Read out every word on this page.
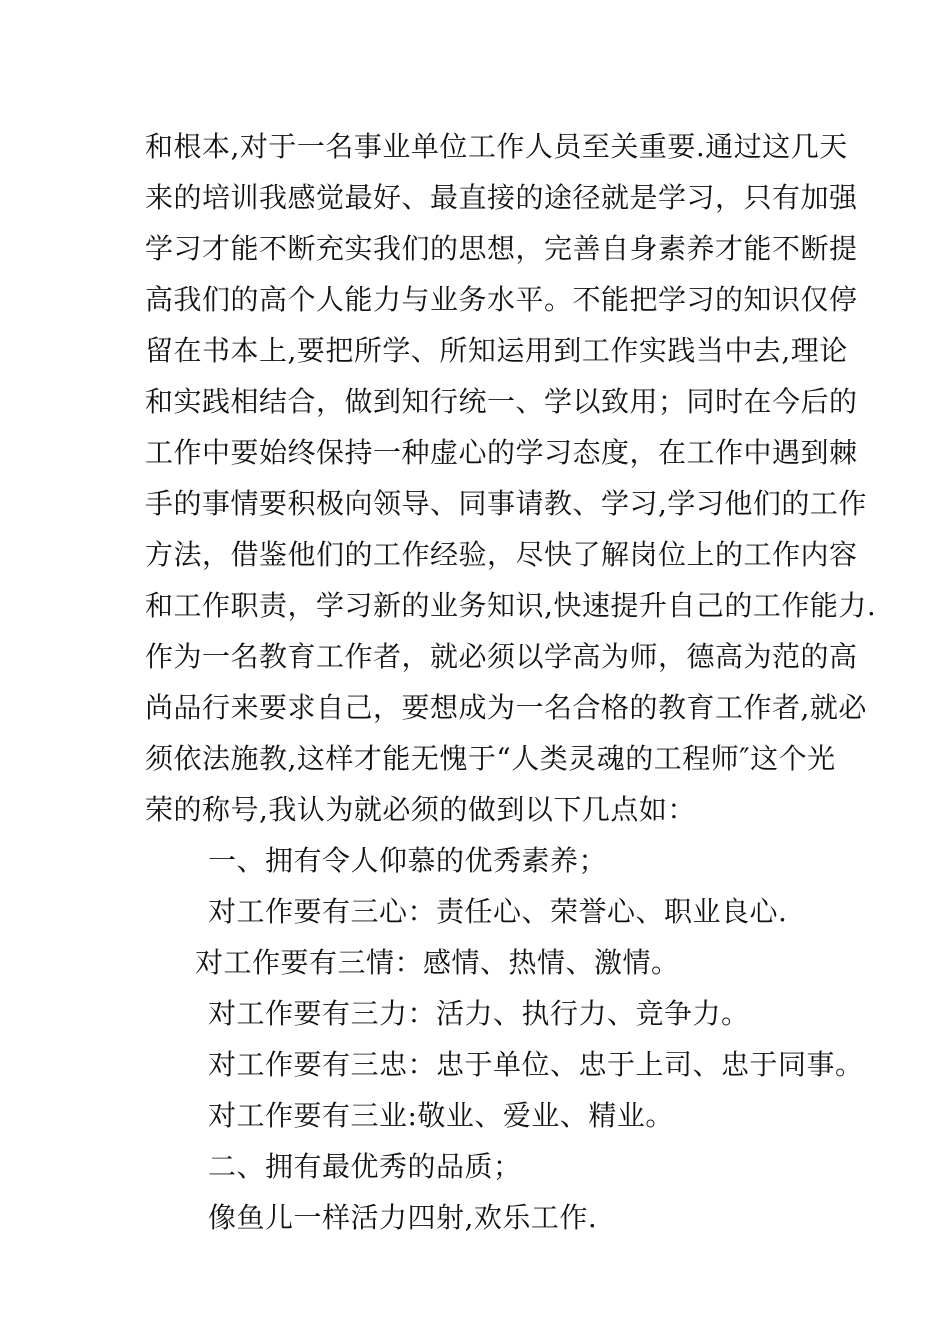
和根本,对于一名事业单位工作人员至关重要.通过这几天
来的培训我感觉最好、最直接的途径就是学习，只有加强
学习才能不断充实我们的思想，完善自身素养才能不断提
高我们的高个人能力与业务水平。不能把学习的知识仅停
留在书本上,要把所学、所知运用到工作实践当中去,理论
和实践相结合，做到知行统一、学以致用；同时在今后的
工作中要始终保持一种虚心的学习态度，在工作中遇到棘
手的事情要积极向领导、同事请教、学习,学习他们的工作
方法，借鉴他们的工作经验，尽快了解岗位上的工作内容
和工作职责，学习新的业务知识,快速提升自己的工作能力.
作为一名教育工作者，就必须以学高为师，德高为范的高
尚品行来要求自己，要想成为一名合格的教育工作者,就必
须依法施教,这样才能无愧于“人类灵魂的工程师″这个光
荣的称号,我认为就必须的做到以下几点如：
一、拥有令人仰慕的优秀素养；
对工作要有三心：责任心、荣誉心、职业良心.
对工作要有三情：感情、热情、激情。
对工作要有三力：活力、执行力、竞争力。
对工作要有三忠：忠于单位、忠于上司、忠于同事。
对工作要有三业:敬业、爱业、精业。
二、拥有最优秀的品质；
像鱼儿一样活力四射,欢乐工作.
